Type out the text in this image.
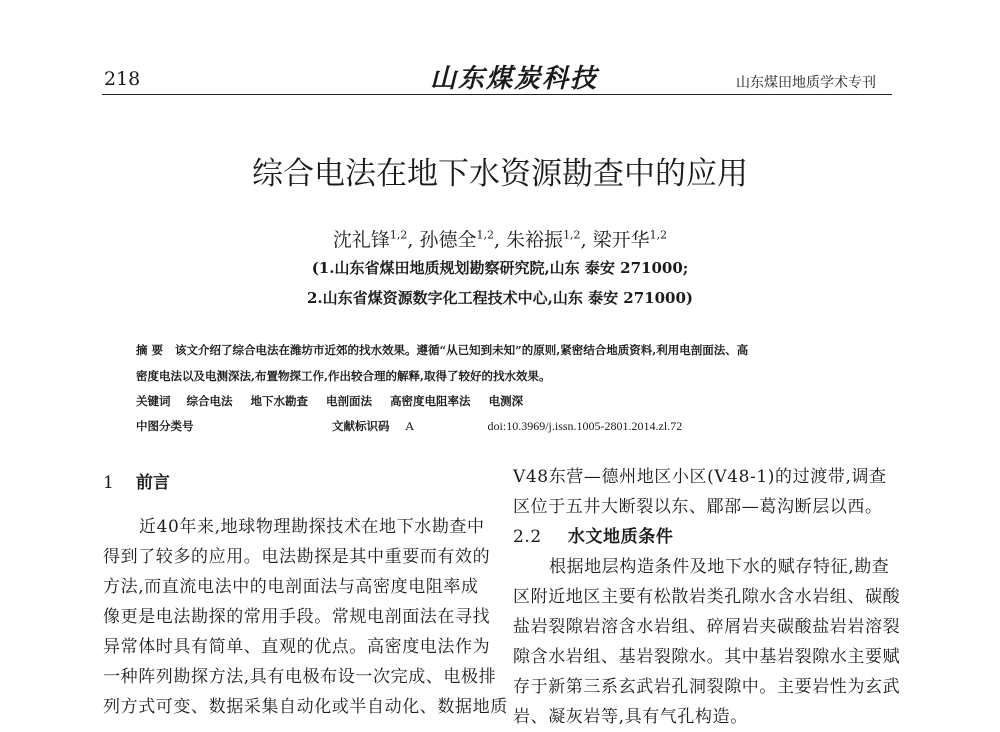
218	山东煤炭科技	山东煤田地质学术专刊
综合电法在地下水资源勘查中的应用
沈礼锋$^{1,2}$, 孙德全$^{1,2}$, 朱裕振$^{1,2}$, 梁开华$^{1,2}$
(1.山东省煤田地质规划勘察研究院,山东 泰安 271000;
2.山东省煤资源数字化工程技术中心,山东 泰安 271000)
摘 要 该文介绍了综合电法在潍坊市近郊的找水效果。遵循“从已知到未知”的原则,紧密结合地质资料,利用电剖面法、高
密度电法以及电测深法,布置物探工作,作出较合理的解释,取得了较好的找水效果。
关键词 综合电法 地下水勘查 电剖面法 高密度电阻率法 电测深
中图分类号	文献标识码 A	doi:10.3969/j.issn.1005-2801.2014.zl.72
1 前言
近40年来,地球物理勘探技术在地下水勘查中
得到了较多的应用。电法勘探是其中重要而有效的
方法,而直流电法中的电剖面法与高密度电阻率成
像更是电法勘探的常用手段。常规电剖面法在寻找
异常体时具有简单、直观的优点。高密度电法作为
一种阵列勘探方法,具有电极布设一次完成、电极排
列方式可变、数据采集自动化或半自动化、数据地质
V48东营—德州地区小区(V48-1)的过渡带,调查
区位于五井大断裂以东、郿郚—葛沟断层以西。
2.2 水文地质条件
根据地层构造条件及地下水的赋存特征,勘查
区附近地区主要有松散岩类孔隙水含水岩组、碳酸
盐岩裂隙岩溶含水岩组、碎屑岩夹碳酸盐岩岩溶裂
隙含水岩组、基岩裂隙水。其中基岩裂隙水主要赋
存于新第三系玄武岩孔洞裂隙中。主要岩性为玄武
岩、凝灰岩等,具有气孔构造。
